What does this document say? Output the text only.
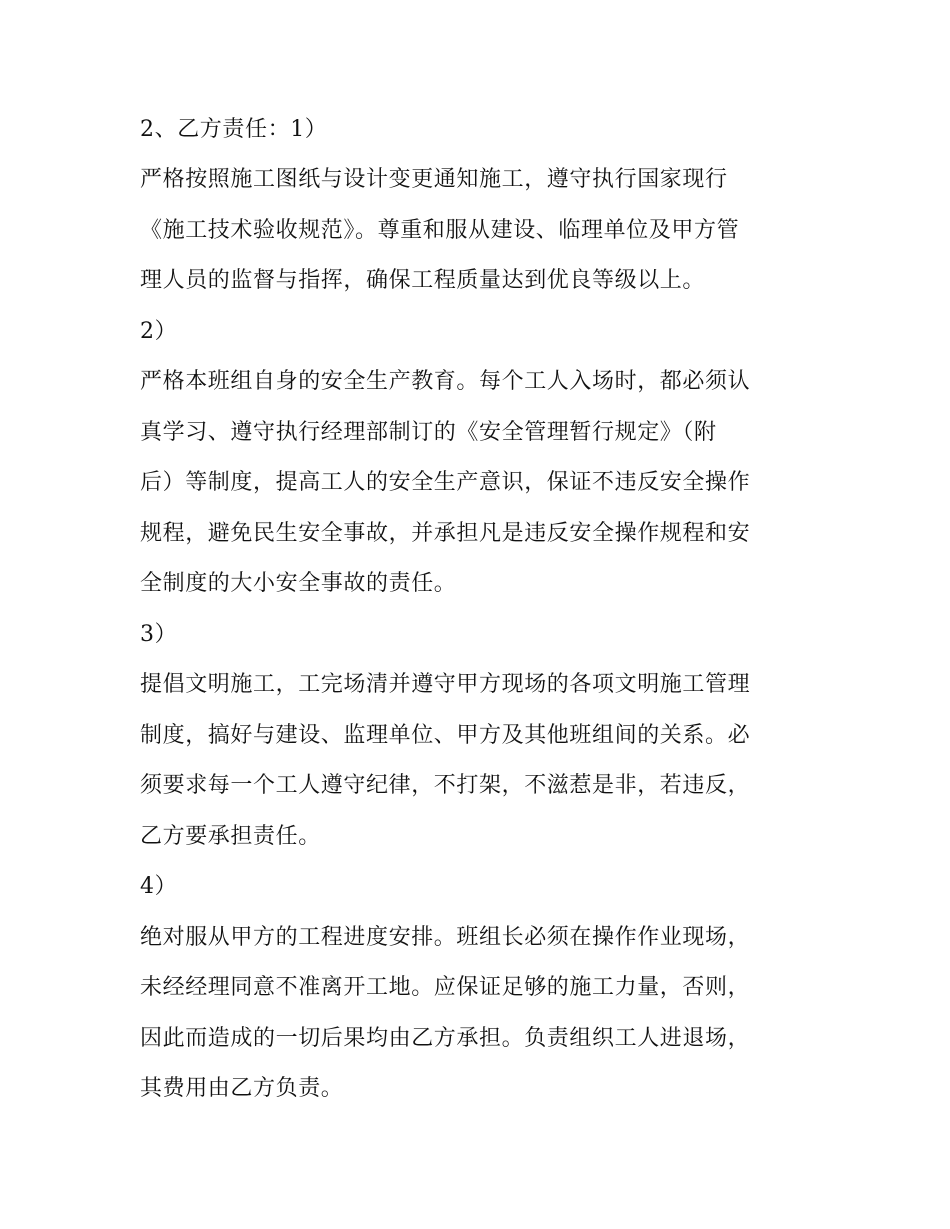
2、乙方责任：1）
严格按照施工图纸与设计变更通知施工，遵守执行国家现行
《施工技术验收规范》。尊重和服从建设、临理单位及甲方管
理人员的监督与指挥，确保工程质量达到优良等级以上。
2）
严格本班组自身的安全生产教育。每个工人入场时，都必须认
真学习、遵守执行经理部制订的《安全管理暂行规定》（附
后）等制度，提高工人的安全生产意识，保证不违反安全操作
规程，避免民生安全事故，并承担凡是违反安全操作规程和安
全制度的大小安全事故的责任。
3）
提倡文明施工，工完场清并遵守甲方现场的各项文明施工管理
制度，搞好与建设、监理单位、甲方及其他班组间的关系。必
须要求每一个工人遵守纪律，不打架，不滋惹是非，若违反，
乙方要承担责任。
4）
绝对服从甲方的工程进度安排。班组长必须在操作作业现场，
未经经理同意不准离开工地。应保证足够的施工力量，否则，
因此而造成的一切后果均由乙方承担。负责组织工人进退场，
其费用由乙方负责。
